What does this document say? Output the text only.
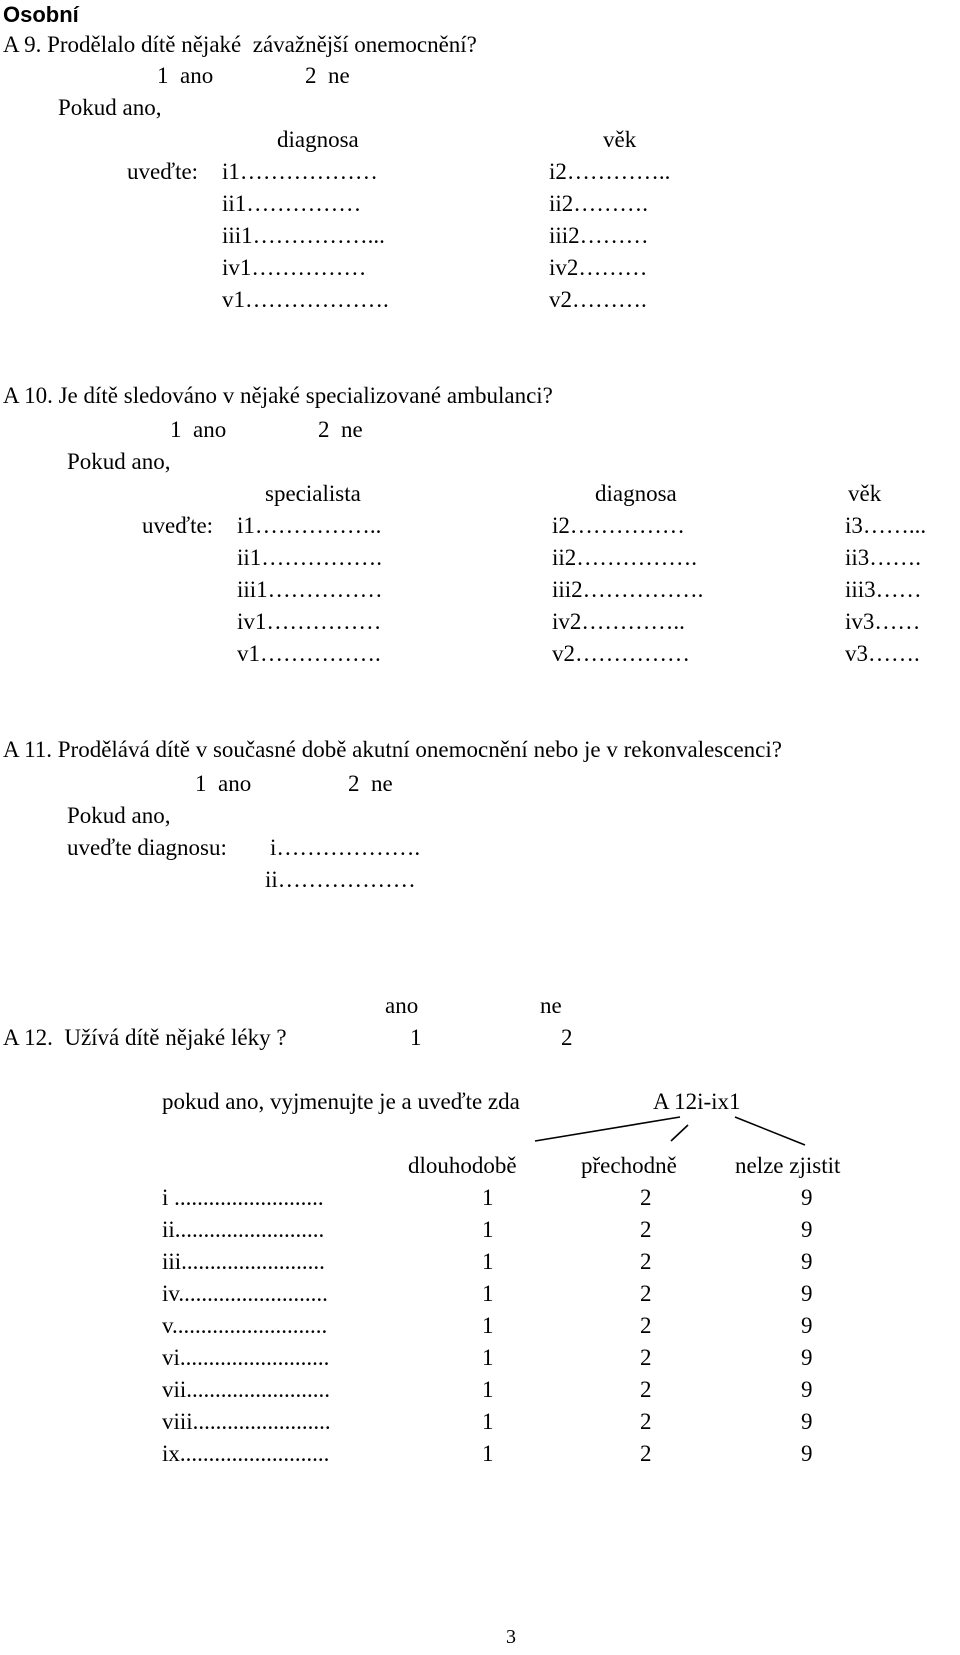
Osobní
A 9. Prodělalo dítě nějaké  závažnější onemocnění?
1  ano	2  ne
Pokud ano,
diagnosa	věk
uveďte: i1………………	i2…………..
ii1……………	ii2……….
iii1……………...	iii2………
iv1……………	iv2………
v1……………….	v2……….
A 10. Je dítě sledováno v nějaké specializované ambulanci?
1  ano	2  ne
Pokud ano,
specialista	diagnosa	věk
uveďte: i1……………..	i2……………	i3……...
ii1…………….	ii2…………….	ii3…….
iii1……………	iii2…………….	iii3……
iv1……………	iv2…………..	iv3……
v1…………….	v2……………	v3…….
A 11. Prodělává dítě v současné době akutní onemocnění nebo je v rekonvalescenci?
1  ano	2  ne
Pokud ano,
uveďte diagnosu: i……………….
ii………………
ano	ne
A 12.  Užívá dítě nějaké léky ?	1	2
pokud ano, vyjmenujte je a uveďte zda	A 12i-ix1
dlouhodobě	přechodně	nelze zjistit
i ..........................	1	2	9
ii..........................	1	2	9
iii.........................	1	2	9
iv..........................	1	2	9
v...........................	1	2	9
vi..........................	1	2	9
vii.........................	1	2	9
viii........................	1	2	9
ix..........................	1	2	9
3
